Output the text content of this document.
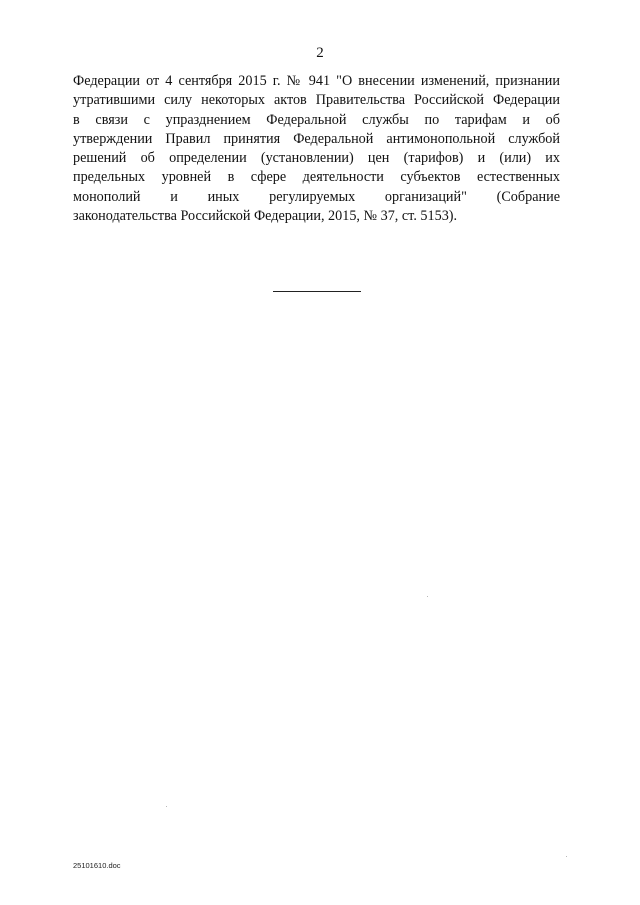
2
Федерации от 4 сентября 2015 г. № 941 "О внесении изменений, признании
утратившими силу некоторых актов Правительства Российской Федерации
в связи с упразднением Федеральной службы по тарифам и об
утверждении Правил принятия Федеральной антимонопольной службой
решений об определении (установлении) цен (тарифов) и (или) их
предельных уровней в сфере деятельности субъектов естественных
монополий и иных регулируемых организаций" (Собрание
законодательства Российской Федерации, 2015, № 37, ст. 5153).
25101610.doc
